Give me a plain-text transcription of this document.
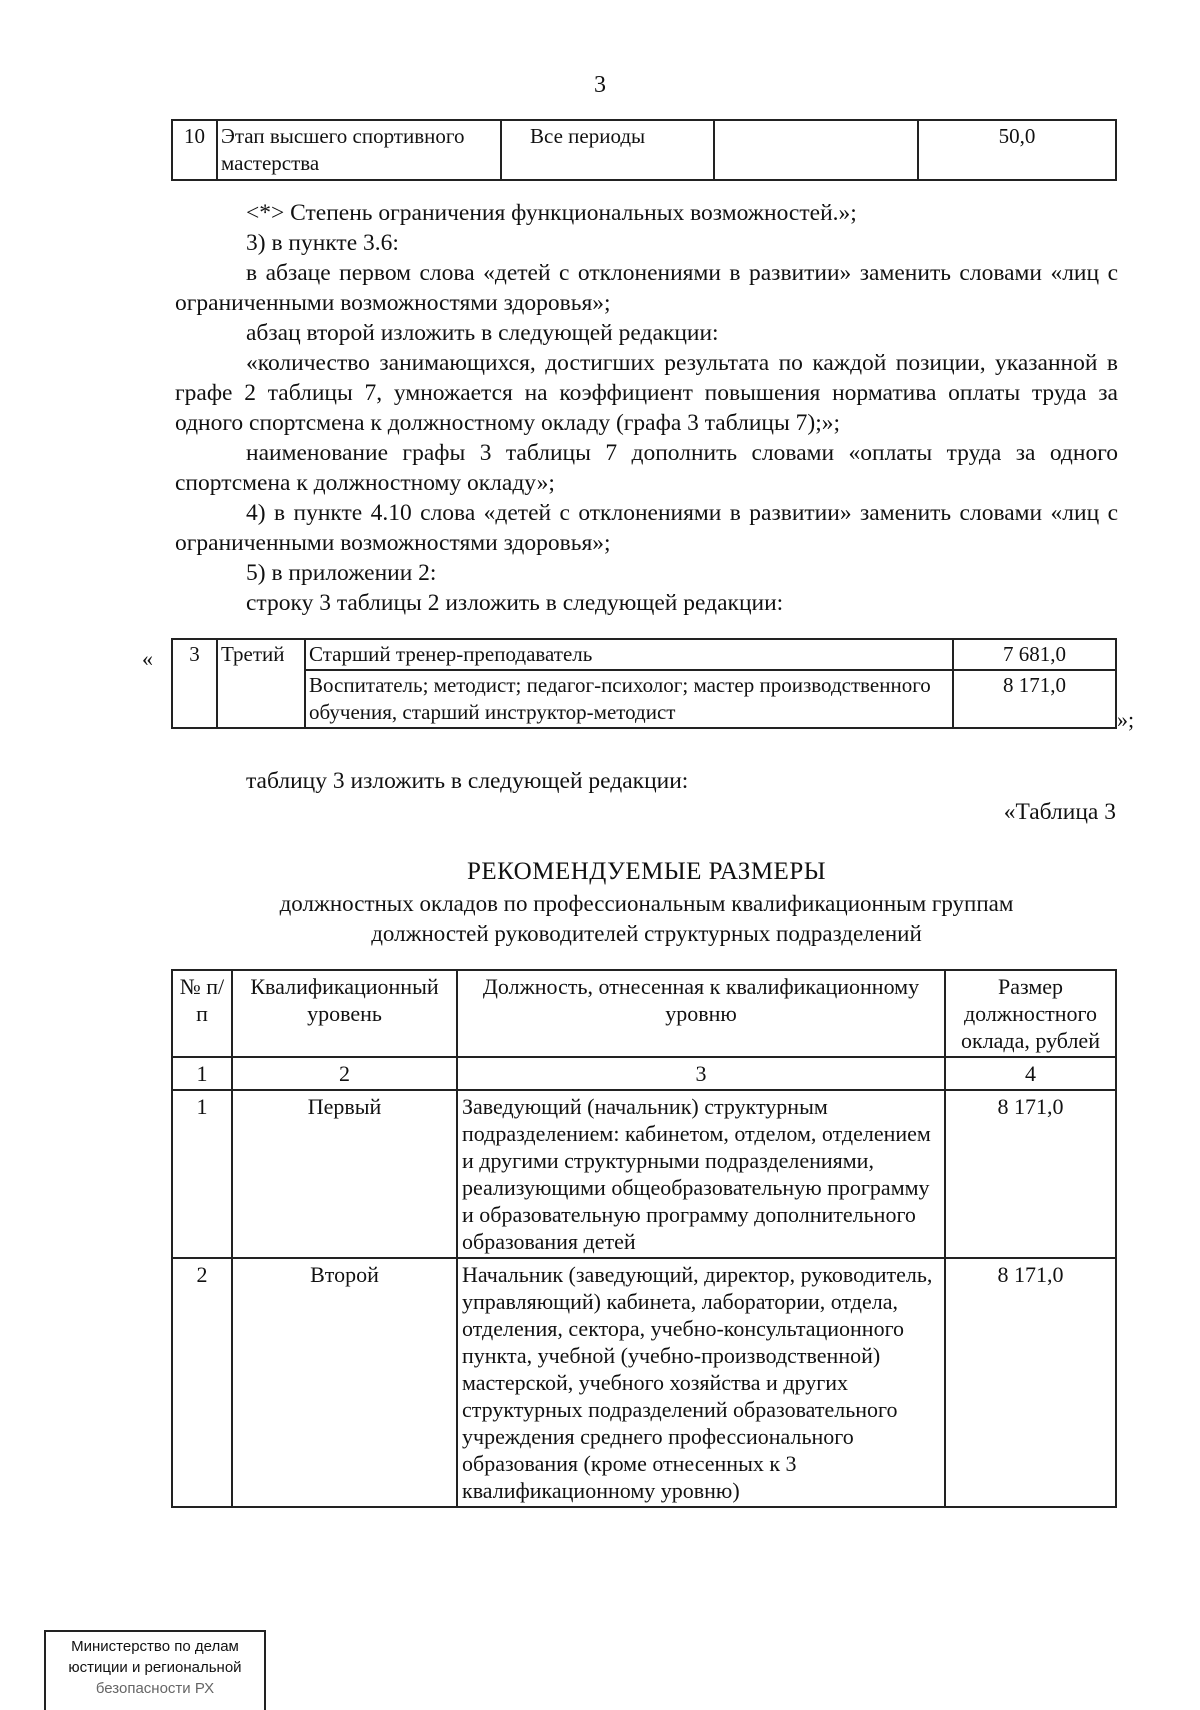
3
10	Этап высшего спортивного мастерства	Все периоды		50,0

<*> Степень ограничения функциональных возможностей.»;

3) в пункте 3.6:

в абзаце первом слова «детей с отклонениями в развитии» заменить словами «лиц с ограниченными возможностями здоровья»;

абзац второй изложить в следующей редакции:

«количество занимающихся, достигших результата по каждой позиции, указанной в графе 2 таблицы 7, умножается на коэффициент повышения норматива оплаты труда за одного спортсмена к должностному окладу (графа 3 таблицы 7);»;

наименование графы 3 таблицы 7 дополнить словами «оплаты труда за одного спортсмена к должностному окладу»;

4) в пункте 4.10 слова «детей с отклонениями в развитии» заменить словами «лиц с ограниченными возможностями здоровья»;

5) в приложении 2:

строку 3 таблицы 2 изложить в следующей редакции:

« 3	Третий	Старший тренер-преподаватель	7 681,0
		Воспитатель; методист; педагог-психолог; мастер производственного обучения, старший инструктор-методист	8 171,0
»;
таблицу 3 изложить в следующей редакции:
«Таблица 3
РЕКОМЕНДУЕМЫЕ РАЗМЕРЫ
должностных окладов по профессиональным квалификационным группам
должностей руководителей структурных подразделений
№ п/п	Квалификационный уровень	Должность, отнесенная к квалификационному уровню	Размер должностного оклада, рублей
1	2	3	4
1	Первый	Заведующий (начальник) структурным подразделением: кабинетом, отделом, отделением и другими структурными подразделениями, реализующими общеобразовательную программу и образовательную программу дополнительного образования детей	8 171,0
2	Второй	Начальник (заведующий, директор, руководитель, управляющий) кабинета, лаборатории, отдела, отделения, сектора, учебно-консультационного пункта, учебной (учебно-производственной) мастерской, учебного хозяйства и других структурных подразделений образовательного учреждения среднего профессионального образования (кроме отнесенных к 3 квалификационному уровню)	8 171,0
Министерство по делам
юстиции и региональной
безопасности РХ
